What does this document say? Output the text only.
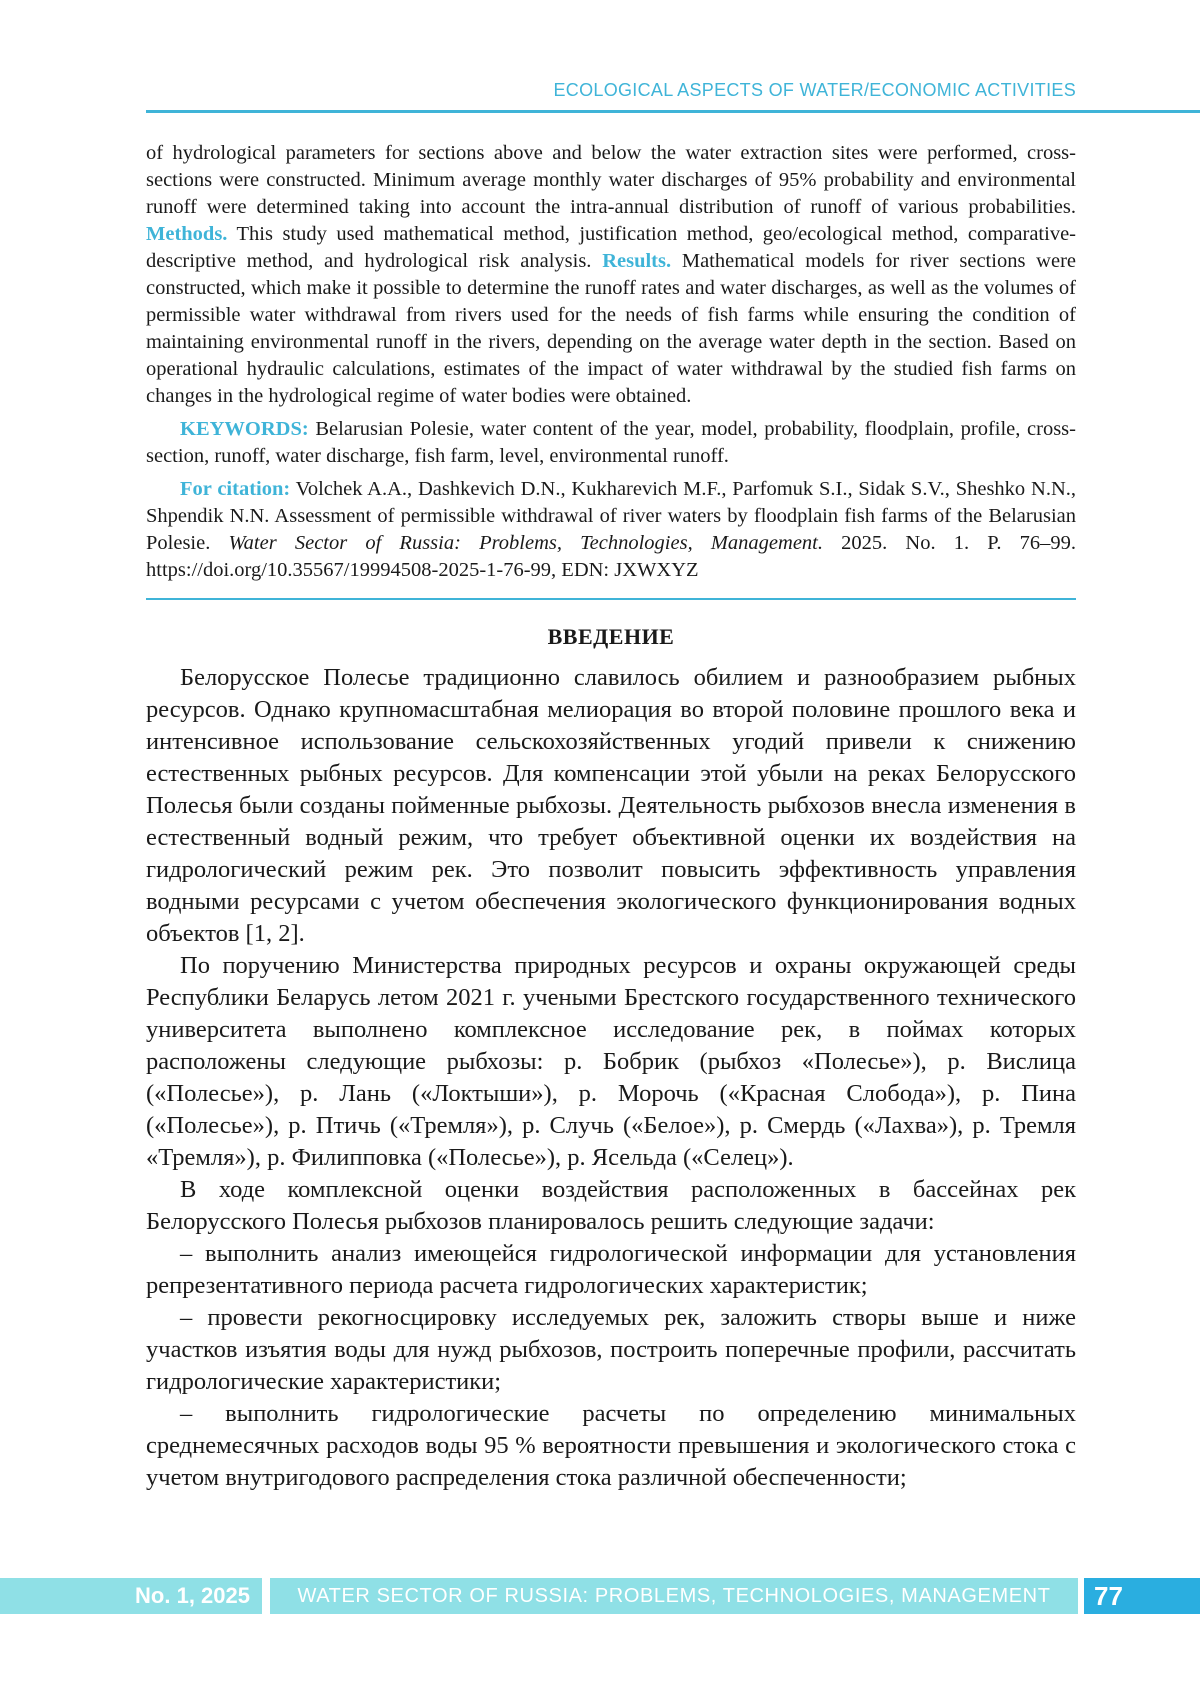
ECOLOGICAL ASPECTS OF WATER/ECONOMIC ACTIVITIES

of hydrological parameters for sections above and below the water extraction sites were performed, cross-sections were constructed. Minimum average monthly water discharges of 95% probability and environmental runoff were determined taking into account the intra-annual distribution of runoff of various probabilities. Methods. This study used mathematical method, justification method, geo/ecological method, comparative-descriptive method, and hydrological risk analysis. Results. Mathematical models for river sections were constructed, which make it possible to determine the runoff rates and water discharges, as well as the volumes of permissible water withdrawal from rivers used for the needs of fish farms while ensuring the condition of maintaining environmental runoff in the rivers, depending on the average water depth in the section. Based on operational hydraulic calculations, estimates of the impact of water withdrawal by the studied fish farms on changes in the hydrological regime of water bodies were obtained.

KEYWORDS: Belarusian Polesie, water content of the year, model, probability, floodplain, profile, cross-section, runoff, water discharge, fish farm, level, environmental runoff.

For citation: Volchek A.A., Dashkevich D.N., Kukharevich M.F., Parfomuk S.I., Sidak S.V., Sheshko N.N., Shpendik N.N. Assessment of permissible withdrawal of river waters by floodplain fish farms of the Belarusian Polesie. Water Sector of Russia: Problems, Technologies, Management. 2025. No. 1. P. 76–99. https://doi.org/10.35567/19994508-2025-1-76-99, EDN: JXWXYZ

ВВЕДЕНИЕ

Белорусское Полесье традиционно славилось обилием и разнообразием рыбных ресурсов. Однако крупномасштабная мелиорация во второй половине прошлого века и интенсивное использование сельскохозяйственных угодий привели к снижению естественных рыбных ресурсов. Для компенсации этой убыли на реках Белорусского Полесья были созданы пойменные рыбхозы. Деятельность рыбхозов внесла изменения в естественный водный режим, что требует объективной оценки их воздействия на гидрологический режим рек. Это позволит повысить эффективность управления водными ресурсами с учетом обеспечения экологического функционирования водных объектов [1, 2].

По поручению Министерства природных ресурсов и охраны окружающей среды Республики Беларусь летом 2021 г. учеными Брестского государственного технического университета выполнено комплексное исследование рек, в поймах которых расположены следующие рыбхозы: р. Бобрик (рыбхоз «Полесье»), р. Вислица («Полесье»), р. Лань («Локтыши»), р. Морочь («Красная Слобода»), р. Пина («Полесье»), р. Птичь («Тремля»), р. Случь («Белое»), р. Смердь («Лахва»), р. Тремля «Тремля»), р. Филипповка («Полесье»), р. Ясельда («Селец»).

В ходе комплексной оценки воздействия расположенных в бассейнах рек Белорусского Полесья рыбхозов планировалось решить следующие задачи:

– выполнить анализ имеющейся гидрологической информации для установления репрезентативного периода расчета гидрологических характеристик;

– провести рекогносцировку исследуемых рек, заложить створы выше и ниже участков изъятия воды для нужд рыбхозов, построить поперечные профили, рассчитать гидрологические характеристики;

– выполнить гидрологические расчеты по определению минимальных среднемесячных расходов воды 95 % вероятности превышения и экологического стока с учетом внутригодового распределения стока различной обеспеченности;

No. 1, 2025	WATER SECTOR OF RUSSIA: PROBLEMS, TECHNOLOGIES, MANAGEMENT	77
